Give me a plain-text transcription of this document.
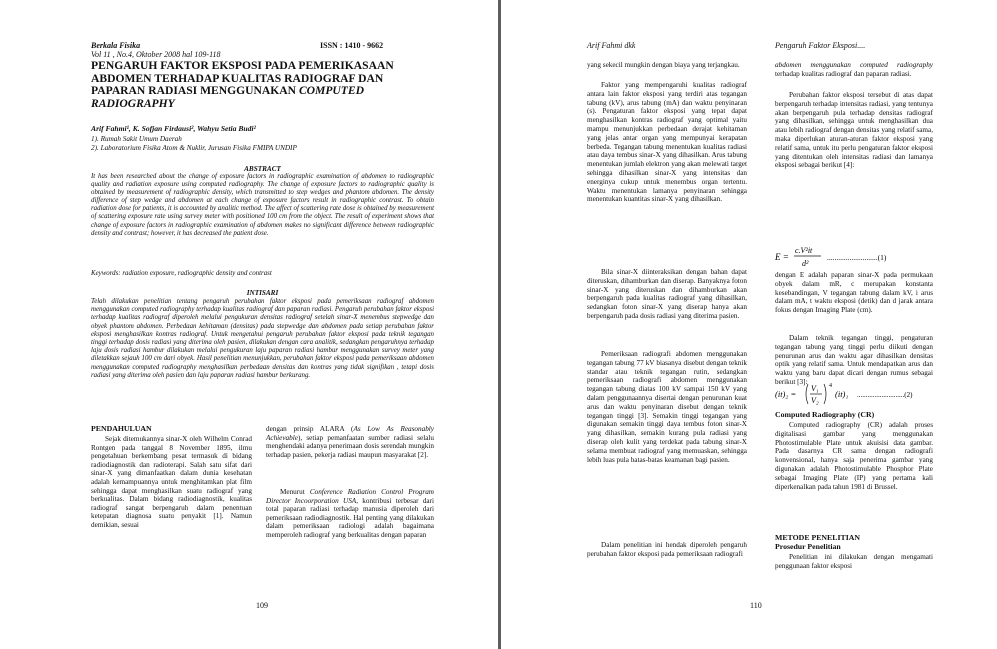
Berkala Fisika	ISSN : 1410 - 9662
Vol 11 , No.4, Oktober 2008 hal 109-118
PENGARUH FAKTOR EKSPOSI PADA PEMERIKASAAN ABDOMEN TERHADAP KUALITAS RADIOGRAF DAN PAPARAN RADIASI MENGGUNAKAN COMPUTED RADIOGRAPHY
Arif Fahmi¹, K. Sofjan Firdausi², Wahyu Setia Budi²
1). Rumah Sakit Umum Daerah
2). Laboratorium Fisika Atom & Nuklir, Jurusan Fisika FMIPA UNDIP
ABSTRACT
It has been researched about the change of exposure factors in radiographic examination of abdomen to radiographic quality and radiation exposure using computed radiography. The change of exposure factors to radiographic quality is obtained by measurement of radiographic density, which transmitted to step wedges and phantom abdomen. The density difference of step wedge and abdomen at each change of exposure factors result in radiographic contrast. To obtain radiation dose for patients, it is accounted by analitic method. The affect of scattering rate dose is obtained by measurement of scattering exposure rate using survey meter with positioned 100 cm from the object. The result of experiment shows that change of exposure factors in radiographic examination of abdomen makes no significant difference between radiographic density and contrast; however, it has decreased the patient dose.
Keywords: radiation exposure, radiographic density and contrast
INTISARI
Telah dilakukan penelitian tentang pengaruh perubahan faktor eksposi pada pemeriksaan radiograf abdomen menggunakan computed radiography terhadap kualitas radiograf dan paparan radiasi. Pengaruh perubahan faktor eksposi terhadap kualitas radiograf diperoleh melalui pengukuran densitas radiograf setelah sinar-X menembus stepwedge dan obyek phantom abdomen. Perbedaan kehitaman (densitas) pada stepwedge dan abdomen pada setiap perubahan faktor eksposi menghasilkan kontras radiograf. Untuk mengetahui pengaruh perubahan faktor eksposi pada teknik tegangan tinggi terhadap dosis radiasi yang diterima oleh pasien, dilakukan dengan cara analitik, sedangkan pengaruhnya terhadap laju dosis radiasi hambur dilakukan melalui pengukuran laju paparan radiasi hambur menggunakan survey meter yang diletakkan sejauh 100 cm dari obyek. Hasil penelitian menunjukkan, perubahan faktor eksposi pada pemeriksaan abdomen menggunakan computed radiography menghasilkan perbedaan densitas dan kontras yang tidak signifikan , tetapi dosis radiasi yang diterima oleh pasien dan laju paparan radiasi hambur berkurang.
PENDAHULUAN
Sejak ditemukannya sinar-X oleh Wilhelm Conrad Rontgen pada tanggal 8 November 1895, ilmu pengetahuan berkembang pesat termasuk di bidang radiodiagnostik dan radioterapi. Salah satu sifat dari sinar-X yang dimanfaatkan dalam dunia kesehatan adalah kemampuannya untuk menghitamkan plat film sehingga dapat menghasilkan suatu radiograf yang berkualitas. Dalam bidang radiodiagnostik, kualitas radiograf sangat berpengaruh dalam penentuan ketepatan diagnosa suatu penyakit [1]. Namun demikian, sesuai
dengan prinsip ALARA (As Low As Reasonably Achievable), setiap pemanfaatan sumber radiasi selalu menghendaki adanya penerimaan dosis serendah mungkin terhadap pasien, pekerja radiasi maupun masyarakat [2].
Menurut Conference Radiation Control Program Director Incoorporation USA, kontribusi terbesar dari total paparan radiasi terhadap manusia diperoleh dari pemeriksaan radiodiagnostik. Hal penting yang dilakukan dalam pemeriksaan radiologi adalah bagaimana memperoleh radiograf yang berkualitas dengan paparan
109
Arif Fahmi dkk	Pengaruh Faktor Eksposi....
yang sekecil mungkin dengan biaya yang terjangkau.
Faktor yang mempengaruhi kualitas radiograf antara lain faktor eksposi yang terdiri atas tegangan tabung (kV), arus tabung (mA) dan waktu penyinaran (s). Pengaturan faktor eksposi yang tepat dapat menghasilkan kontras radiograf yang optimal yaitu mampu menunjukkan perbedaan derajat kehitaman yang jelas antar organ yang mempunyai kerapatan berbeda. Tegangan tabung menentukan kualitas radiasi atau daya tembus sinar-X yang dihasilkan. Arus tabung menentukan jumlah elektron yang akan melewati target sehingga dihasilkan sinar-X yang intensitas dan energinya cukup untuk menembus organ tertentu. Waktu menentukan lamanya penyinaran sehingga menentukan kuantitas sinar-X yang dihasilkan.
Bila sinar-X diinteraksikan dengan bahan dapat diteruskan, dihamburkan dan diserap. Banyaknya foton sinar-X yang diteruskan dan dihamburkan akan berpengaruh pada kualitas radiograf yang dihasilkan, sedangkan foton sinar-X yang diserap hanya akan berpengaruh pada dosis radiasi yang diterima pasien.
Pemeriksaan radiografi abdomen menggunakan tegangan tabung 77 kV biasanya disebut dengan teknik standar atau teknik tegangan rutin, sedangkan pemeriksaan radiografi abdomen menggunakan tegangan tabung diatas 100 kV sampai 150 kV yang dalam penggunaannya disertai dengan penurunan kuat arus dan waktu penyinaran disebut dengan teknik tegangan tinggi [3]. Semakin tinggi tegangan yang digunakan semakin tinggi daya tembus foton sinar-X yang dihasilkan, semakin kurang pula radiasi yang diserap oleh kulit yang terdekat pada tabung sinar-X selama membuat radiograf yang memuaskan, sehingga lebih luas pula batas-batas keamanan bagi pasien.
Dalam penelitian ini hendak diperoleh pengaruh perubahan faktor eksposi pada pemeriksaan radiografi
abdomen menggunakan computed radiography terhadap kualitas radiograf dan paparan radiasi.
Perubahan faktor eksposi tersebut di atas dapat berpengaruh terhadap intensitas radiasi, yang tentunya akan berpengaruh pula terhadap densitas radiograf yang dihasilkan, sehingga untuk menghasilkan dua atau lebih radiograf dengan densitas yang relatif sama, maka diperlukan aturan-aturan faktor eksposi yang relatif sama, untuk itu perlu pengaturan faktor eksposi yang ditentukan oleh intensitas radiasi dan lamanya eksposi sebagai berikut [4]:
E =
c.V²it
d²
...........................(1)
dengan E adalah paparan sinar-X pada permukaan obyek dalam mR, c merupakan konstanta kesebandingan, V tegangan tabung dalam kV, i arus dalam mA, t waktu eksposi (detik) dan d jarak antara fokus dengan Imaging Plate (cm).
Dalam teknik tegangan tinggi, pengaturan tegangan tabung yang tinggi perlu diikuti dengan penurunan arus dan waktu agar dihasilkan densitas optik yang relatif sama. Untuk mendapatkan arus dan waktu yang baru dapat dicari dengan rumus sebagai berikut [3]:
(it)₂ =
V₁
V₂
4
(it)₁ ...........................(2)
Computed Radiography (CR)
Computed radiography (CR) adalah proses digitalisasi gambar yang menggunakan Photostimulable Plate untuk akuisisi data gambar. Pada dasarnya CR sama dengan radiografi konvensional, hanya saja penerima gambar yang digunakan adalah Photostimulable Phosphor Plate sebagai Imaging Plate (IP) yang pertama kali diperkenalkan pada tahun 1981 di Brussel.
METODE PENELITIAN
Prosedur Penelitian
Penelitian ini dilakukan dengan mengamati penggunaan faktor eksposi
110
